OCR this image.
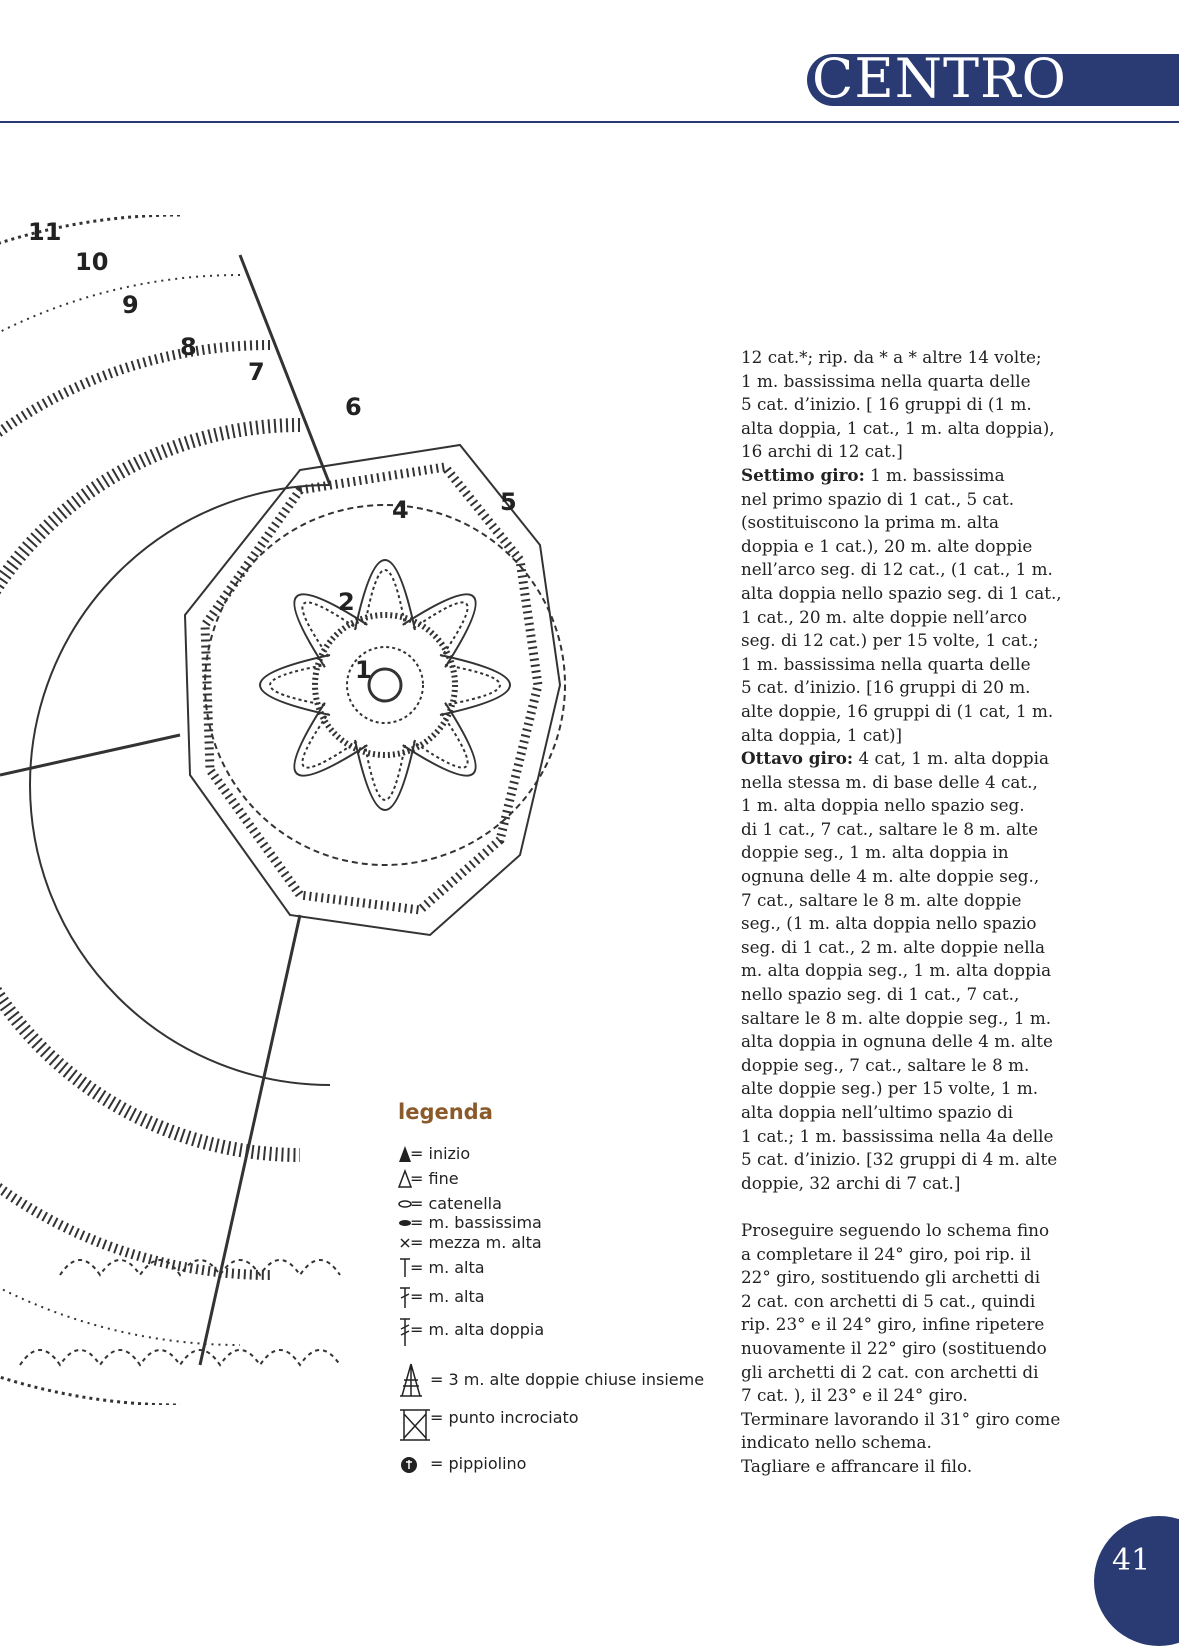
CENTRO
1
2
4	5
6
7
8
9
10
11
legenda
= inizio
= fine
= catenella
= m. bassissima
= mezza m. alta
= m. alta
= m. alta
= m. alta doppia
= 3 m. alte doppie chiuse insieme
= punto incrociato
= pippiolino

12 cat.*; rip. da * a * altre 14 volte;

1 m. bassissima nella quarta delle

5 cat. d’inizio. [ 16 gruppi di (1 m.

alta doppia, 1 cat., 1 m. alta doppia),

16 archi di 12 cat.]

Settimo giro: 1 m. bassissima

nel primo spazio di 1 cat., 5 cat.

(sostituiscono la prima m. alta

doppia e 1 cat.), 20 m. alte doppie

nell’arco seg. di 12 cat., (1 cat., 1 m.

alta doppia nello spazio seg. di 1 cat.,

1 cat., 20 m. alte doppie nell’arco

seg. di 12 cat.) per 15 volte, 1 cat.;

1 m. bassissima nella quarta delle

5 cat. d’inizio. [16 gruppi di 20 m.

alte doppie, 16 gruppi di (1 cat, 1 m.

alta doppia, 1 cat)]

Ottavo giro: 4 cat, 1 m. alta doppia

nella stessa m. di base delle 4 cat.,

1 m. alta doppia nello spazio seg.

di 1 cat., 7 cat., saltare le 8 m. alte

doppie seg., 1 m. alta doppia in

ognuna delle 4 m. alte doppie seg.,

7 cat., saltare le 8 m. alte doppie

seg., (1 m. alta doppia nello spazio

seg. di 1 cat., 2 m. alte doppie nella

m. alta doppia seg., 1 m. alta doppia

nello spazio seg. di 1 cat., 7 cat.,

saltare le 8 m. alte doppie seg., 1 m.

alta doppia in ognuna delle 4 m. alte

doppie seg., 7 cat., saltare le 8 m.

alte doppie seg.) per 15 volte, 1 m.

alta doppia nell’ultimo spazio di

1 cat.; 1 m. bassissima nella 4a delle

5 cat. d’inizio. [32 gruppi di 4 m. alte

doppie, 32 archi di 7 cat.]

Proseguire seguendo lo schema fino

a completare il 24° giro, poi rip. il

22° giro, sostituendo gli archetti di

2 cat. con archetti di 5 cat., quindi

rip. 23° e il 24° giro, infine ripetere

nuovamente il 22° giro (sostituendo

gli archetti di 2 cat. con archetti di

7 cat. ), il 23° e il 24° giro.

Terminare lavorando il 31° giro come

indicato nello schema.

Tagliare e affrancare il filo.

41
